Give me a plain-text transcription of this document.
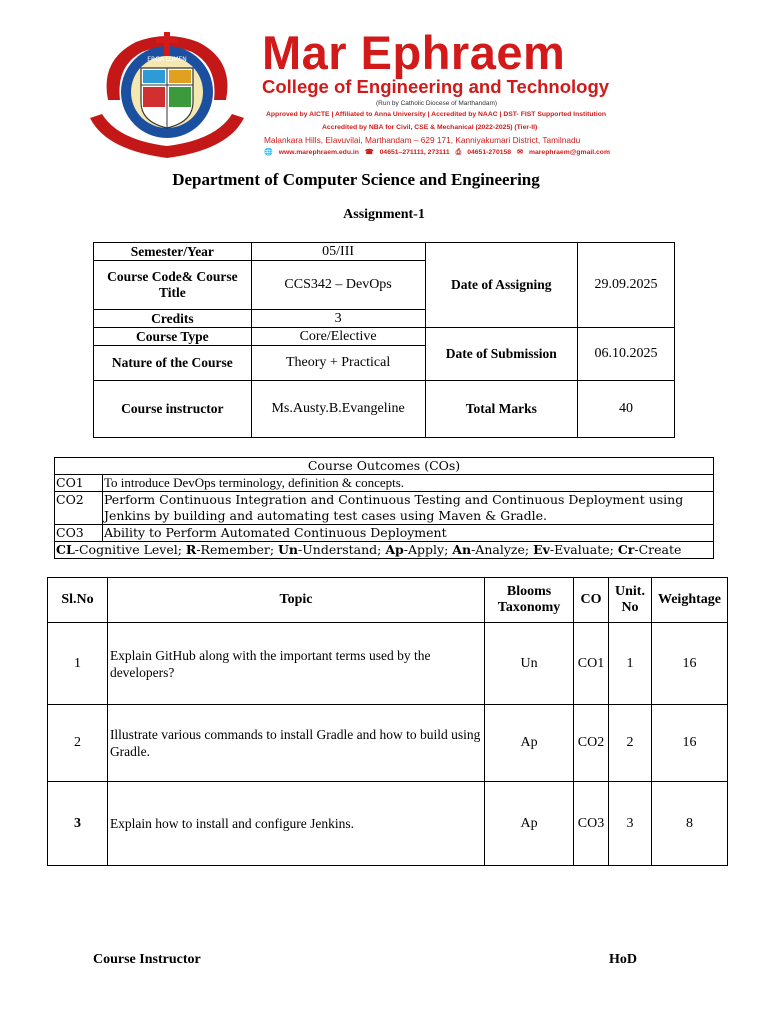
ERGA LUMEN Mar Ephraem
College of Engineering and Technology
(Run by Catholic Diocese of Marthandam)
Approved by AICTE | Affiliated to Anna University | Accredited by NAAC | DST- FIST Supported Institution
Accredited by NBA for Civil, CSE & Mechanical (2022-2025) (Tier-II)
Malankara Hills, Elavuvilai, Marthandam – 629 171, Kanniyakumari District, Tamilnadu
🌐 www.marephraem.edu.in ☎ 04651–271111, 273111 ⎙ 04651-270158 ✉ marephraem@gmail.com
Department of Computer Science and Engineering
Assignment-1
Semester/Year	05/III	Date of Assigning	29.09.2025
Course Code& Course Title	CCS342 – DevOps		
Credits	3		
Course Type	Core/Elective	Date of Submission	06.10.2025
Nature of the Course	Theory + Practical		
Course instructor	Ms.Austy.B.Evangeline	Total Marks	40
Course Outcomes (COs)	
CO1	To introduce DevOps terminology, definition & concepts.
CO2	Perform Continuous Integration and Continuous Testing and Continuous Deployment using Jenkins by building and automating test cases using Maven & Gradle.
CO3	Ability to Perform Automated Continuous Deployment
CL-Cognitive Level; R-Remember; Un-Understand; Ap-Apply; An-Analyze; Ev-Evaluate; Cr-Create	
Sl.No	Topic	Blooms Taxonomy	CO	Unit. No	Weightage
1	Explain GitHub along with the important terms used by the developers?	Un	CO1	1	16
2	Illustrate various commands to install Gradle and how to build using Gradle.	Ap	CO2	2	16
3	Explain how to install and configure Jenkins.	Ap	CO3	3	8
Course Instructor	HoD
